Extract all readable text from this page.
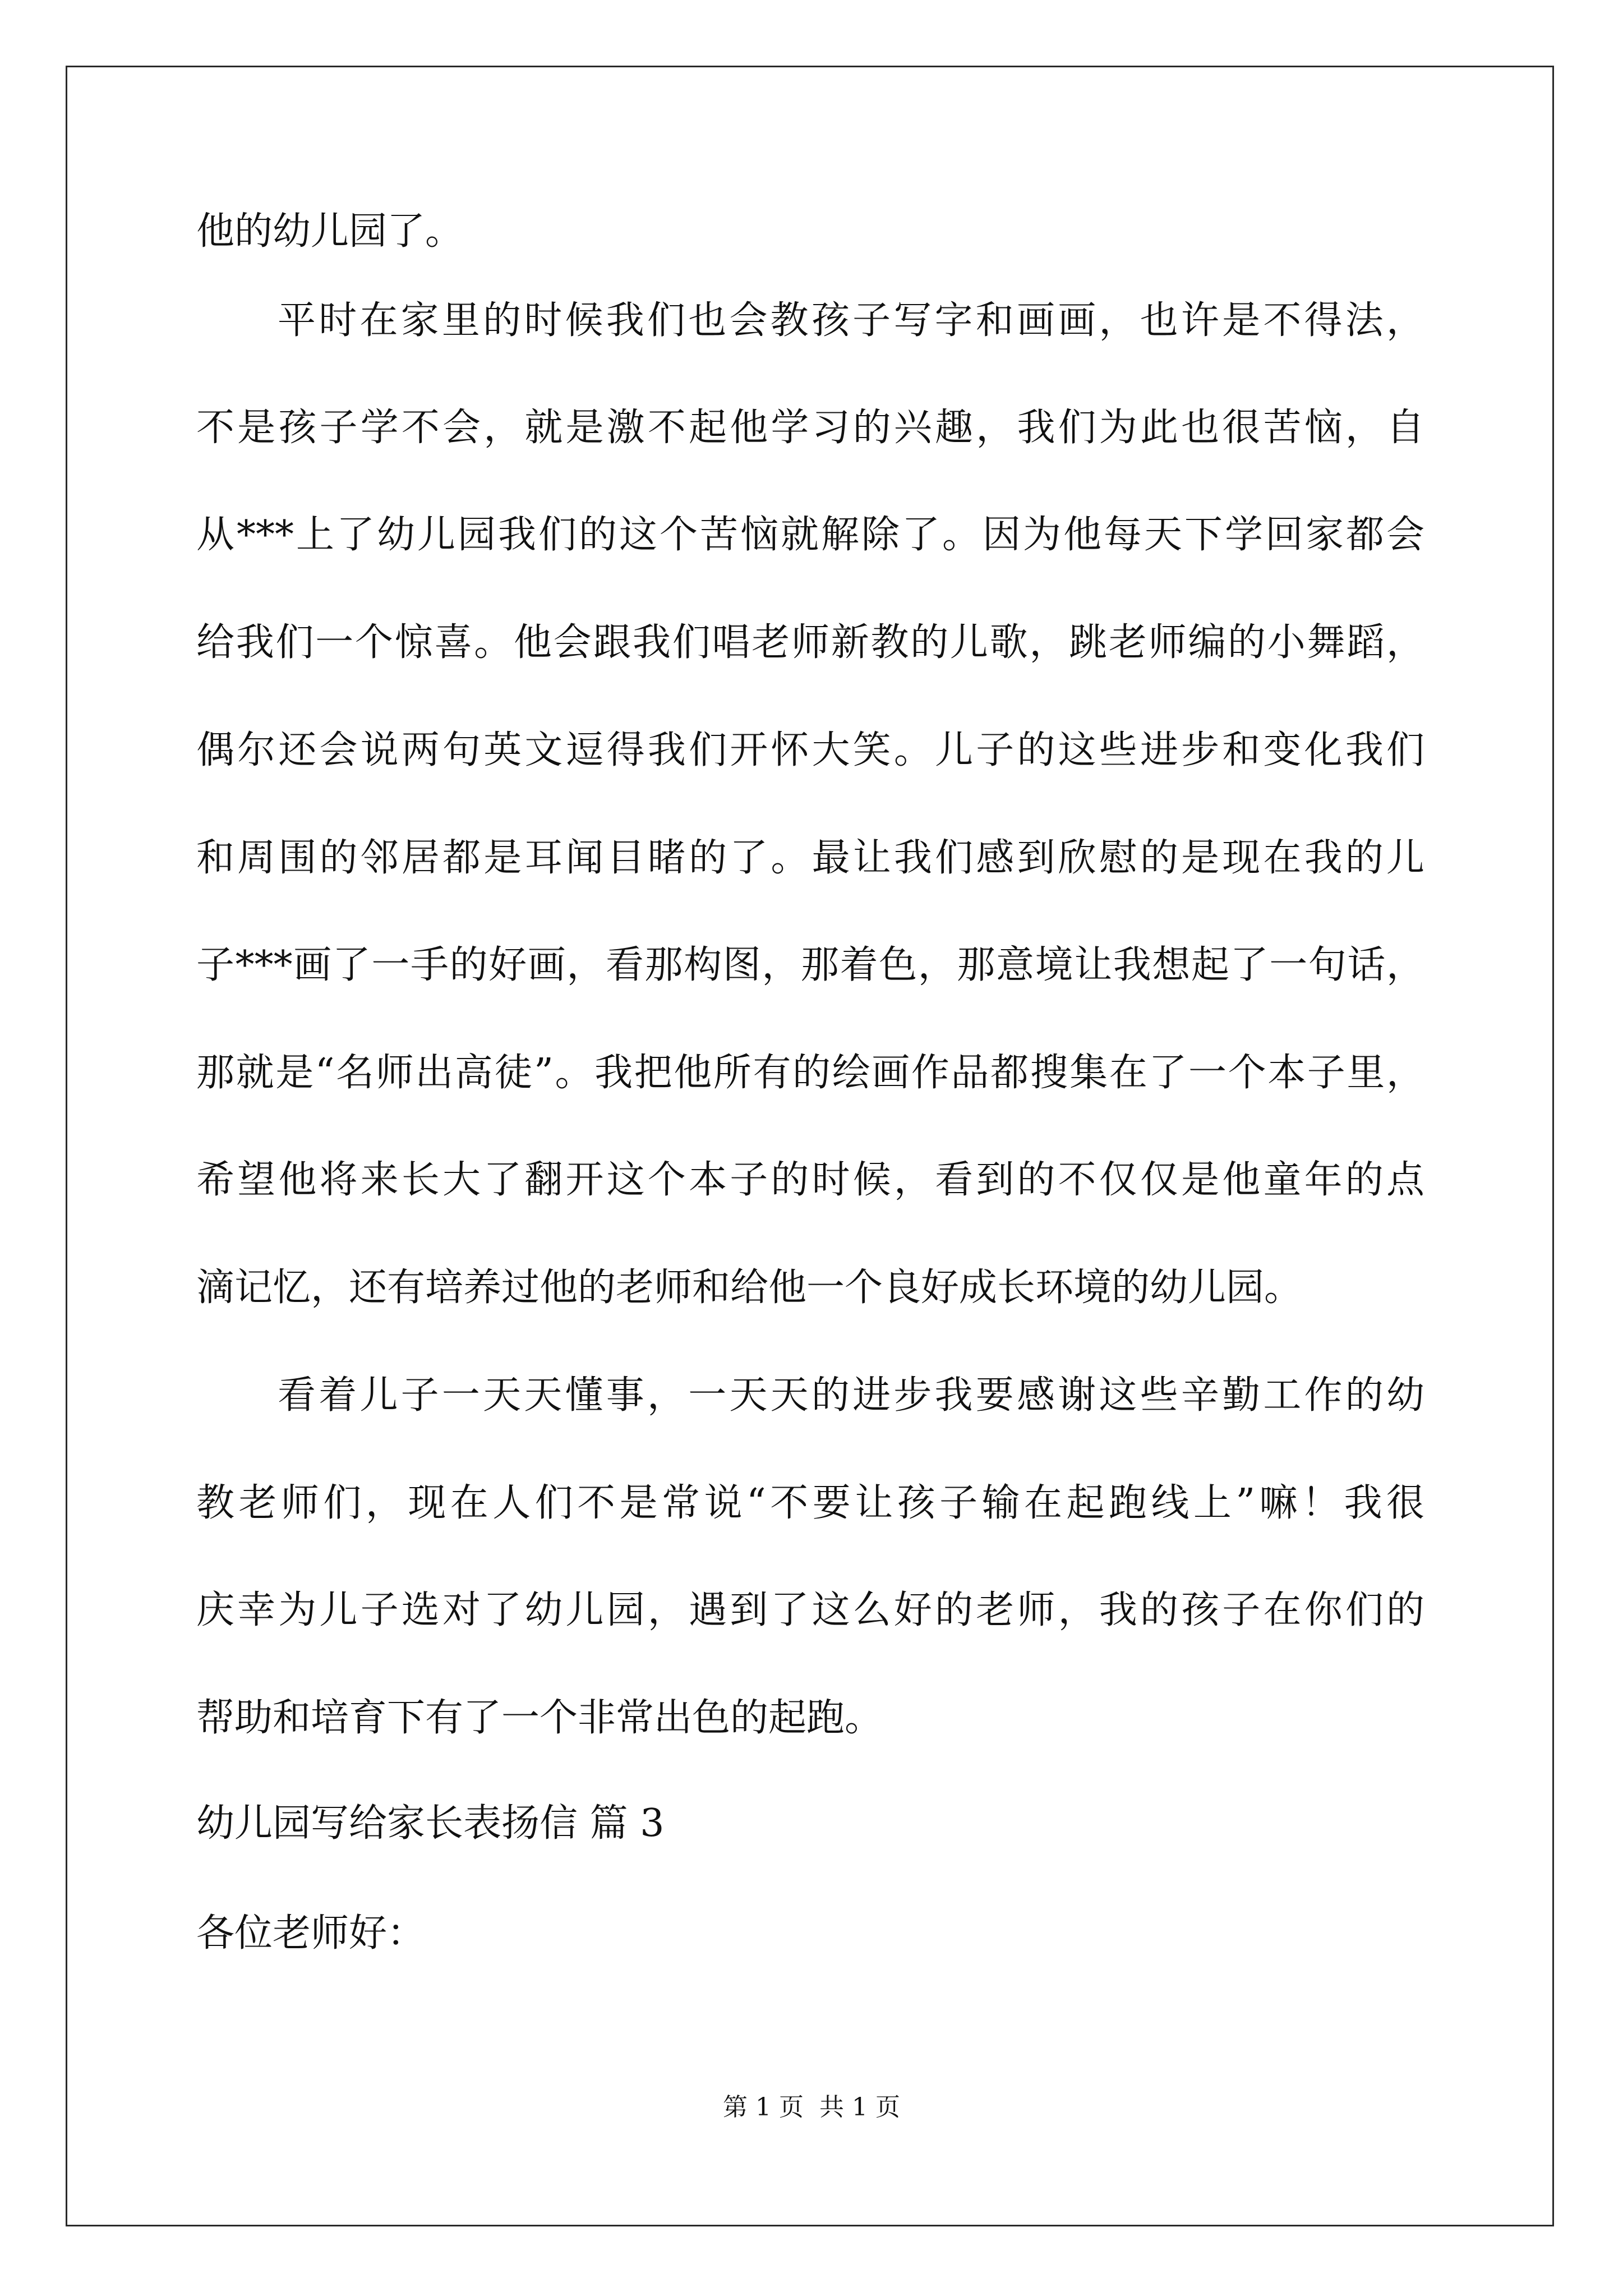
他的幼儿园了。

平时在家里的时候我们也会教孩子写字和画画，也许是不得法，

不是孩子学不会，就是激不起他学习的兴趣，我们为此也很苦恼，自

从***上了幼儿园我们的这个苦恼就解除了。因为他每天下学回家都会

给我们一个惊喜。他会跟我们唱老师新教的儿歌，跳老师编的小舞蹈，

偶尔还会说两句英文逗得我们开怀大笑。儿子的这些进步和变化我们

和周围的邻居都是耳闻目睹的了。最让我们感到欣慰的是现在我的儿

子***画了一手的好画，看那构图，那着色，那意境让我想起了一句话，

那就是“名师出高徒”。我把他所有的绘画作品都搜集在了一个本子里，

希望他将来长大了翻开这个本子的时候，看到的不仅仅是他童年的点

滴记忆，还有培养过他的老师和给他一个良好成长环境的幼儿园。

看着儿子一天天懂事，一天天的进步我要感谢这些辛勤工作的幼

教老师们，现在人们不是常说“不要让孩子输在起跑线上”嘛！我很

庆幸为儿子选对了幼儿园，遇到了这么好的老师，我的孩子在你们的

帮助和培育下有了一个非常出色的起跑。

幼儿园写给家长表扬信 篇 3

各位老师好：

第 1 页  共 1 页
